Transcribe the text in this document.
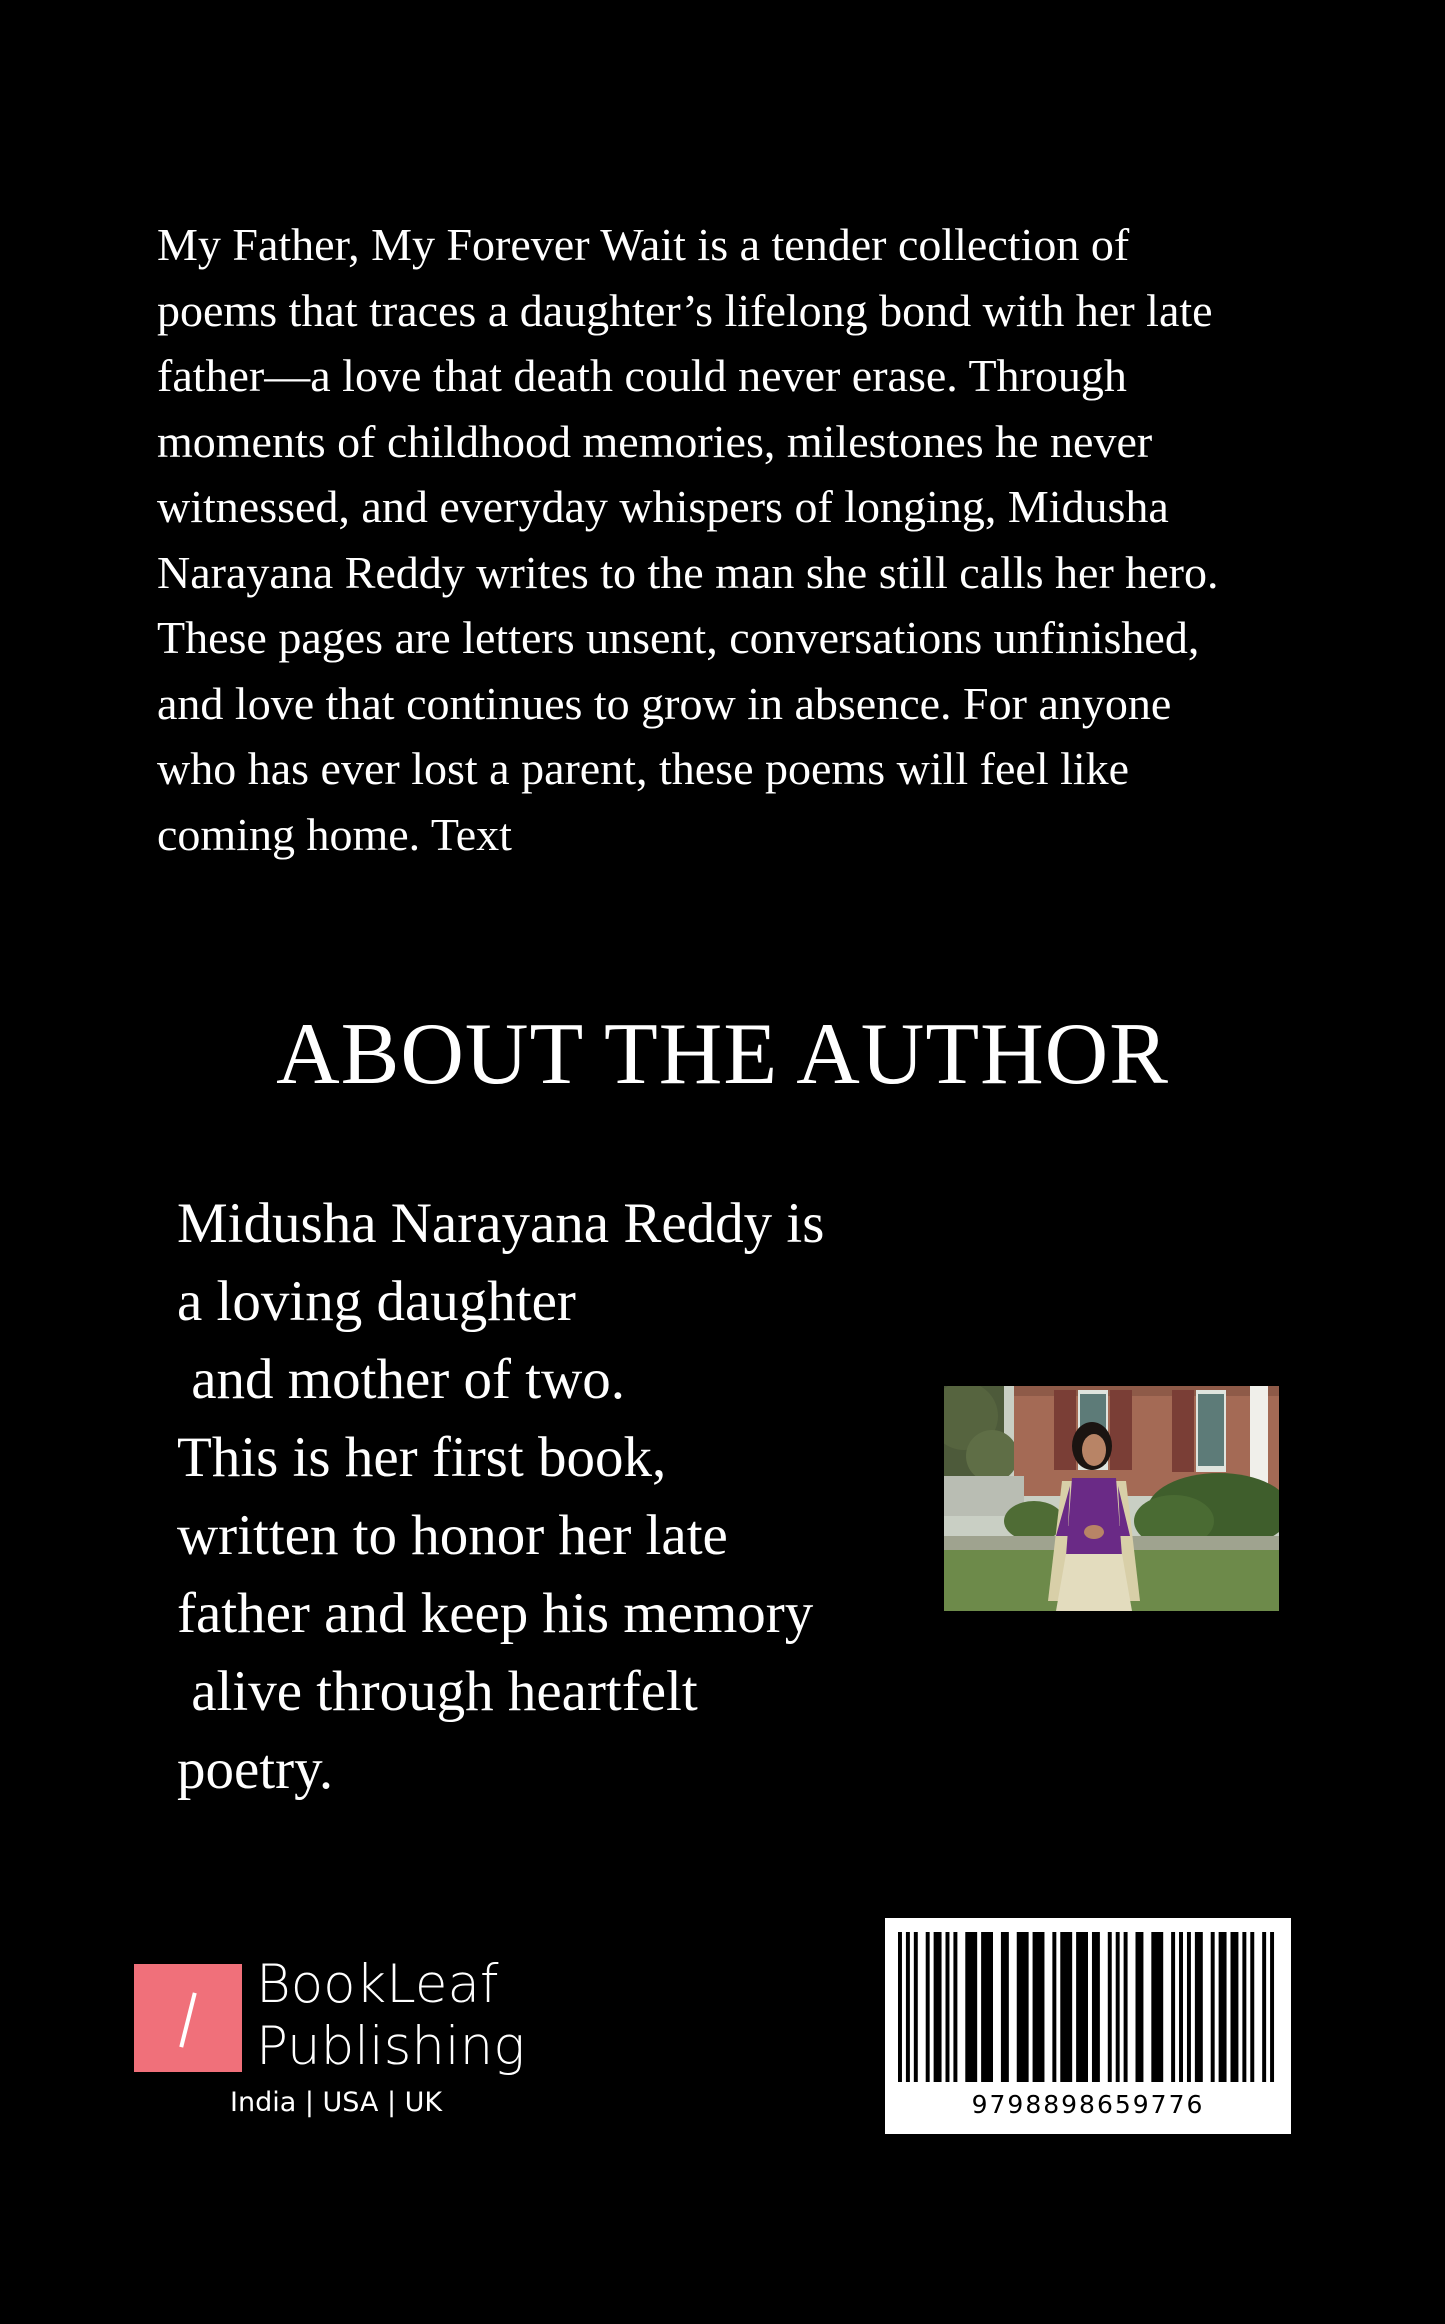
My Father, My Forever Wait is a tender collection of
poems that traces a daughter’s lifelong bond with her late
father—a love that death could never erase. Through
moments of childhood memories, milestones he never
witnessed, and everyday whispers of longing, Midusha
Narayana Reddy writes to the man she still calls her hero.
These pages are letters unsent, conversations unfinished,
and love that continues to grow in absence. For anyone
who has ever lost a parent, these poems will feel like
coming home. Text
ABOUT THE AUTHOR
Midusha Narayana Reddy is
a loving daughter
and mother of two.
This is her first book,
written to honor her late
father and keep his memory
alive through heartfelt
poetry.
BookLeaf
Publishing
India | USA | UK	9798898659776
